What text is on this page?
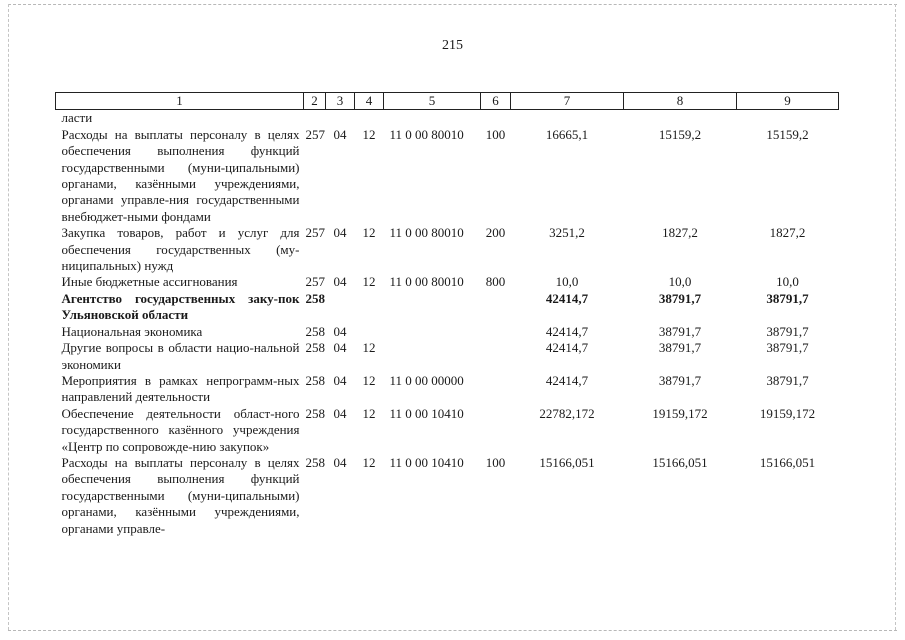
215
1	2	3	4	5	6	7	8	9
ласти								
Расходы на выплаты персоналу в целях обеспечения выполнения функций государственными (муни-ципальными) органами, казёнными учреждениями, органами управле-ния государственными внебюджет-ными фондами	257	04	12	11 0 00 80010	100	16665,1	15159,2	15159,2
Закупка товаров, работ и услуг для обеспечения государственных (му-ниципальных) нужд	257	04	12	11 0 00 80010	200	3251,2	1827,2	1827,2
Иные бюджетные ассигнования	257	04	12	11 0 00 80010	800	10,0	10,0	10,0
Агентство государственных заку-пок Ульяновской области	258					42414,7	38791,7	38791,7
Национальная экономика	258	04				42414,7	38791,7	38791,7
Другие вопросы в области нацио-нальной экономики	258	04	12			42414,7	38791,7	38791,7
Мероприятия в рамках непрограмм-ных направлений деятельности	258	04	12	11 0 00 00000		42414,7	38791,7	38791,7
Обеспечение деятельности област-ного государственного казённого учреждения «Центр по сопровожде-нию закупок»	258	04	12	11 0 00 10410		22782,172	19159,172	19159,172
Расходы на выплаты персоналу в целях обеспечения выполнения функций государственными (муни-ципальными) органами, казёнными учреждениями, органами управле-	258	04	12	11 0 00 10410	100	15166,051	15166,051	15166,051
